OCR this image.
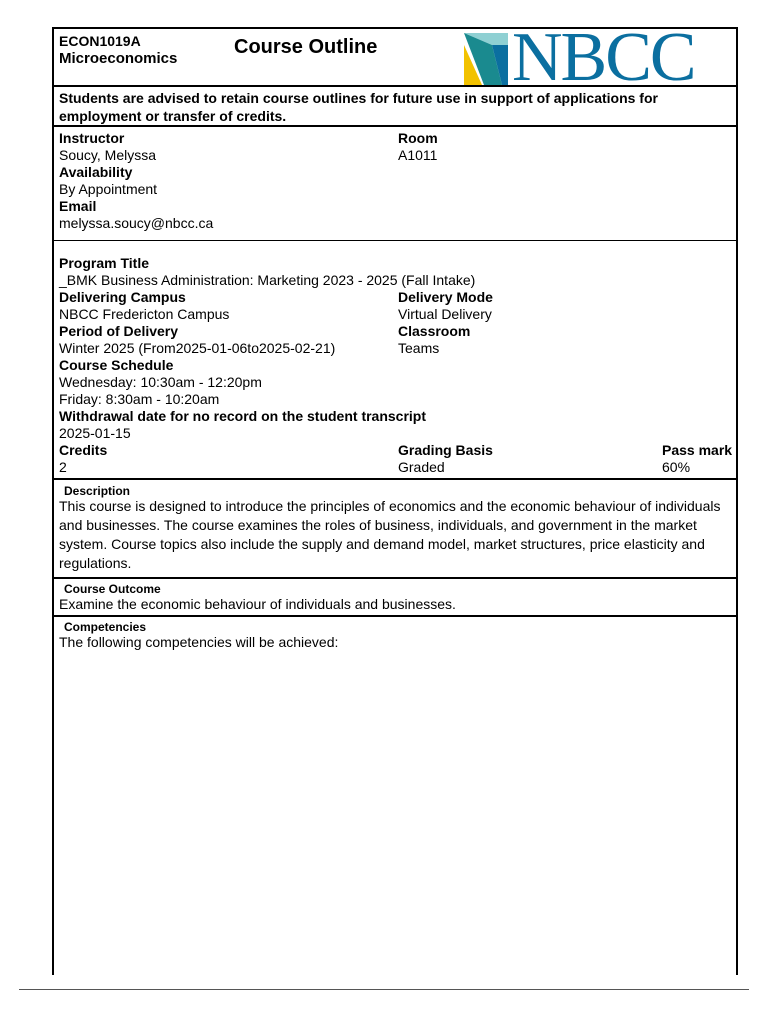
ECON1019A
Microeconomics
Course Outline NBCC
Students are advised to retain course outlines for future use in support of applications for employment or transfer of credits.
Instructor
Soucy, Melyssa
Room
A1011
Availability
By Appointment
Email
melyssa.soucy@nbcc.ca
Program Title
_BMK Business Administration: Marketing 2023 - 2025 (Fall Intake)
Delivering Campus
NBCC Fredericton Campus
Delivery Mode
Virtual Delivery
Period of Delivery
Winter 2025 (From2025-01-06to2025-02-21)
Classroom
Teams
Course Schedule
Wednesday: 10:30am - 12:20pm
Friday: 8:30am - 10:20am
Withdrawal date for no record on the student transcript
2025-01-15
Credits
2
Grading Basis
Graded
Pass mark
60%
Description
This course is designed to introduce the principles of economics and the economic behaviour of individuals and businesses. The course examines the roles of business, individuals, and government in the market system. Course topics also include the supply and demand model, market structures, price elasticity and regulations.
Course Outcome
Examine the economic behaviour of individuals and businesses.
Competencies
The following competencies will be achieved:
